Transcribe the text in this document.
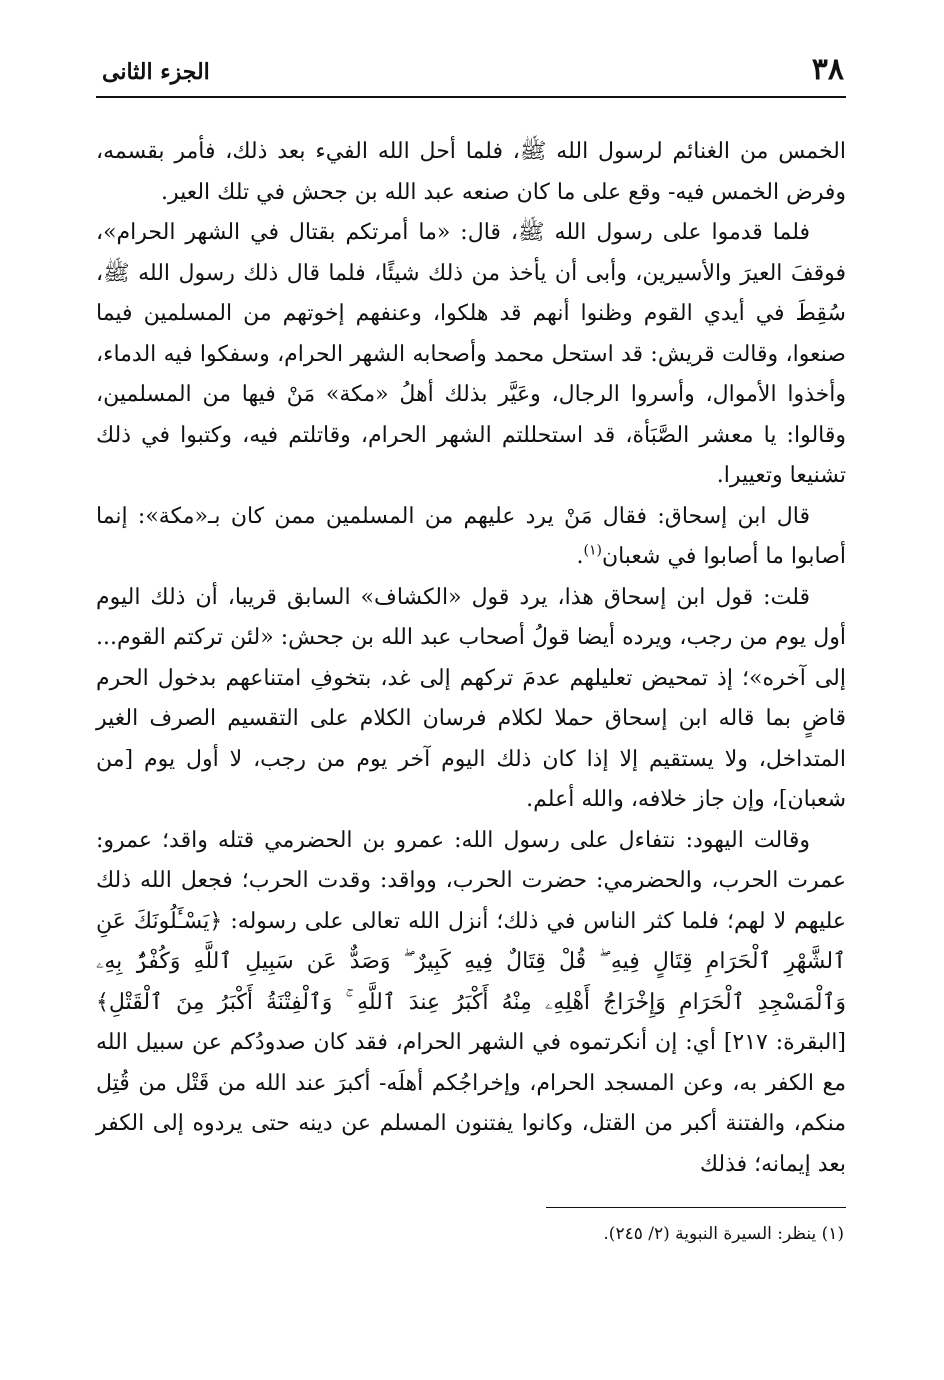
٣٨
الجزء الثانى

الخمس من الغنائم لرسول الله ﷺ، فلما أحل الله الفيء بعد ذلك، فأمر بقسمه، وفرض الخمس فيه- وقع على ما كان صنعه عبد الله بن جحش في تلك العير.

فلما قدموا على رسول الله ﷺ، قال: «ما أمرتكم بقتال في الشهر الحرام»، فوقفَ العيرَ والأسيرين، وأبى أن يأخذ من ذلك شيئًا، فلما قال ذلك رسول الله ﷺ، سُقِطَ في أيدي القوم وظنوا أنهم قد هلكوا، وعنفهم إخوتهم من المسلمين فيما صنعوا، وقالت قريش: قد استحل محمد وأصحابه الشهر الحرام، وسفكوا فيه الدماء، وأخذوا الأموال، وأسروا الرجال، وعَيَّر بذلك أهلُ «مكة» مَنْ فيها من المسلمين، وقالوا: يا معشر الصَّبَأة، قد استحللتم الشهر الحرام، وقاتلتم فيه، وكتبوا في ذلك تشنيعا وتعييرا.

قال ابن إسحاق: فقال مَنْ يرد عليهم من المسلمين ممن كان بـ«مكة»: إنما أصابوا ما أصابوا في شعبان$^{(١)}$.

قلت: قول ابن إسحاق هذا، يرد قول «الكشاف» السابق قريبا، أن ذلك اليوم أول يوم من رجب، ويرده أيضا قولُ أصحاب عبد الله بن جحش: «لئن تركتم القوم... إلى آخره»؛ إذ تمحيض تعليلهم عدمَ تركهم إلى غد، بتخوفِ امتناعهم بدخول الحرم قاضٍ بما قاله ابن إسحاق حملا لكلام فرسان الكلام على التقسيم الصرف الغير المتداخل، ولا يستقيم إلا إذا كان ذلك اليوم آخر يوم من رجب، لا أول يوم [من شعبان]، وإن جاز خلافه، والله أعلم.

وقالت اليهود: نتفاءل على رسول الله: عمرو بن الحضرمي قتله واقد؛ عمرو: عمرت الحرب، والحضرمي: حضرت الحرب، وواقد: وقدت الحرب؛ فجعل الله ذلك عليهم لا لهم؛ فلما كثر الناس في ذلك؛ أنزل الله تعالى على رسوله: ﴿يَسْـَٔلُونَكَ عَنِ ٱلشَّهْرِ ٱلْحَرَامِ قِتَالٍ فِيهِ ۖ قُلْ قِتَالٌ فِيهِ كَبِيرٌ ۖ وَصَدٌّ عَن سَبِيلِ ٱللَّهِ وَكُفْرٌۢ بِهِۦ وَٱلْمَسْجِدِ ٱلْحَرَامِ وَإِخْرَاجُ أَهْلِهِۦ مِنْهُ أَكْبَرُ عِندَ ٱللَّهِ ۚ وَٱلْفِتْنَةُ أَكْبَرُ مِنَ ٱلْقَتْلِ﴾ [البقرة: ٢١٧] أي: إن أنكرتموه في الشهر الحرام، فقد كان صدودُكم عن سبيل الله مع الكفر به، وعن المسجد الحرام، وإخراجُكم أهلَه- أكبرَ عند الله من قَتْل من قُتِل منكم، والفتنة أكبر من القتل، وكانوا يفتنون المسلم عن دينه حتى يردوه إلى الكفر بعد إيمانه؛ فذلك

(١) ينظر: السيرة النبوية (٢/ ٢٤٥).
